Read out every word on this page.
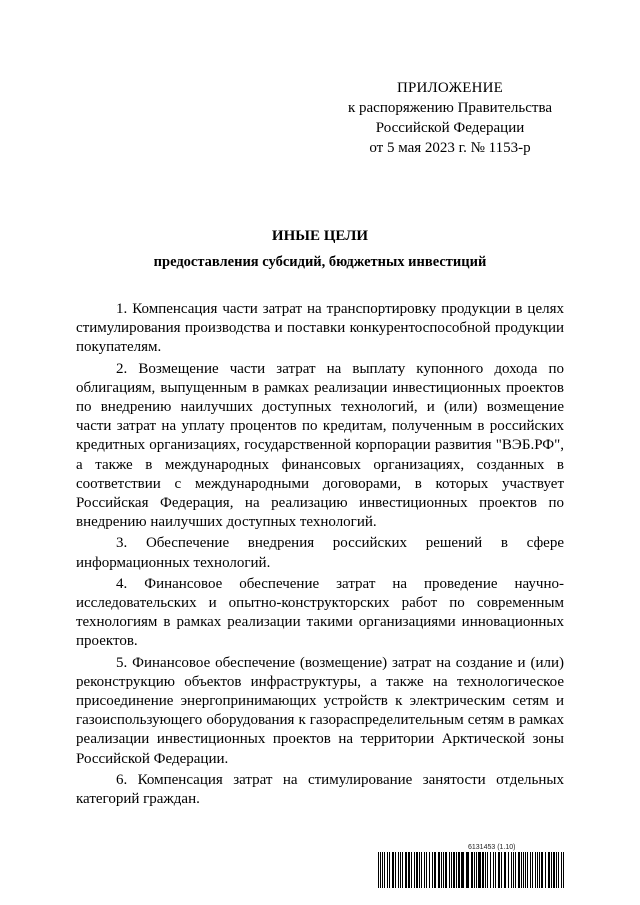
ПРИЛОЖЕНИЕ
к распоряжению Правительства
Российской Федерации
от 5 мая 2023 г. № 1153-р
ИНЫЕ ЦЕЛИ
предоставления субсидий, бюджетных инвестиций

1. Компенсация части затрат на транспортировку продукции в целях стимулирования производства и поставки конкурентоспособной продукции покупателям.

2. Возмещение части затрат на выплату купонного дохода по облигациям, выпущенным в рамках реализации инвестиционных проектов по внедрению наилучших доступных технологий, и (или) возмещение части затрат на уплату процентов по кредитам, полученным в российских кредитных организациях, государственной корпорации развития "ВЭБ.РФ", а также в международных финансовых организациях, созданных в соответствии с международными договорами, в которых участвует Российская Федерация, на реализацию инвестиционных проектов по внедрению наилучших доступных технологий.

3. Обеспечение внедрения российских решений в сфере информационных технологий.

4. Финансовое обеспечение затрат на проведение научно-исследовательских и опытно-конструкторских работ по современным технологиям в рамках реализации такими организациями инновационных проектов.

5. Финансовое обеспечение (возмещение) затрат на создание и (или) реконструкцию объектов инфраструктуры, а также на технологическое присоединение энергопринимающих устройств к электрическим сетям и газоиспользующего оборудования к газораспределительным сетям в рамках реализации инвестиционных проектов на территории Арктической зоны Российской Федерации.

6. Компенсация затрат на стимулирование занятости отдельных категорий граждан.

6131453 (1.10)
